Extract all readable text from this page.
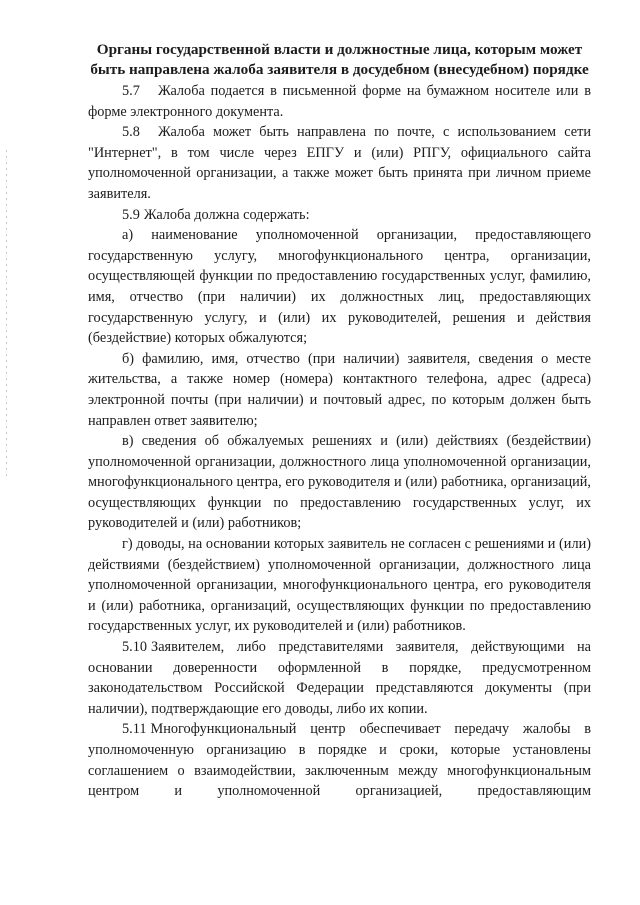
Органы государственной власти и должностные лица, которым может быть направлена жалоба заявителя в досудебном (внесудебном) порядке

5.7 Жалоба подается в письменной форме на бумажном носителе или в форме электронного документа.

5.8 Жалоба может быть направлена по почте, с использованием сети "Интернет", в том числе через ЕПГУ и (или) РПГУ, официального сайта уполномоченной организации, а также может быть принята при личном приеме заявителя.

5.9 Жалоба должна содержать:

а) наименование уполномоченной организации, предоставляющего государственную услугу, многофункционального центра, организации, осуществляющей функции по предоставлению государственных услуг, фамилию, имя, отчество (при наличии) их должностных лиц, предоставляющих государственную услугу, и (или) их руководителей, решения и действия (бездействие) которых обжалуются;

б) фамилию, имя, отчество (при наличии) заявителя, сведения о месте жительства, а также номер (номера) контактного телефона, адрес (адреса) электронной почты (при наличии) и почтовый адрес, по которым должен быть направлен ответ заявителю;

в) сведения об обжалуемых решениях и (или) действиях (бездействии) уполномоченной организации, должностного лица уполномоченной организации, многофункционального центра, его руководителя и (или) работника, организаций, осуществляющих функции по предоставлению государственных услуг, их руководителей и (или) работников;

г) доводы, на основании которых заявитель не согласен с решениями и (или) действиями (бездействием) уполномоченной организации, должностного лица уполномоченной организации, многофункционального центра, его руководителя и (или) работника, организаций, осуществляющих функции по предоставлению государственных услуг, их руководителей и (или) работников.

5.10 Заявителем, либо представителями заявителя, действующими на основании доверенности оформленной в порядке, предусмотренном законодательством Российской Федерации представляются документы (при наличии), подтверждающие его доводы, либо их копии.

5.11 Многофункциональный центр обеспечивает передачу жалобы в уполномоченную организацию в порядке и сроки, которые установлены соглашением о взаимодействии, заключенным между многофункциональным центром и уполномоченной организацией, предоставляющим
